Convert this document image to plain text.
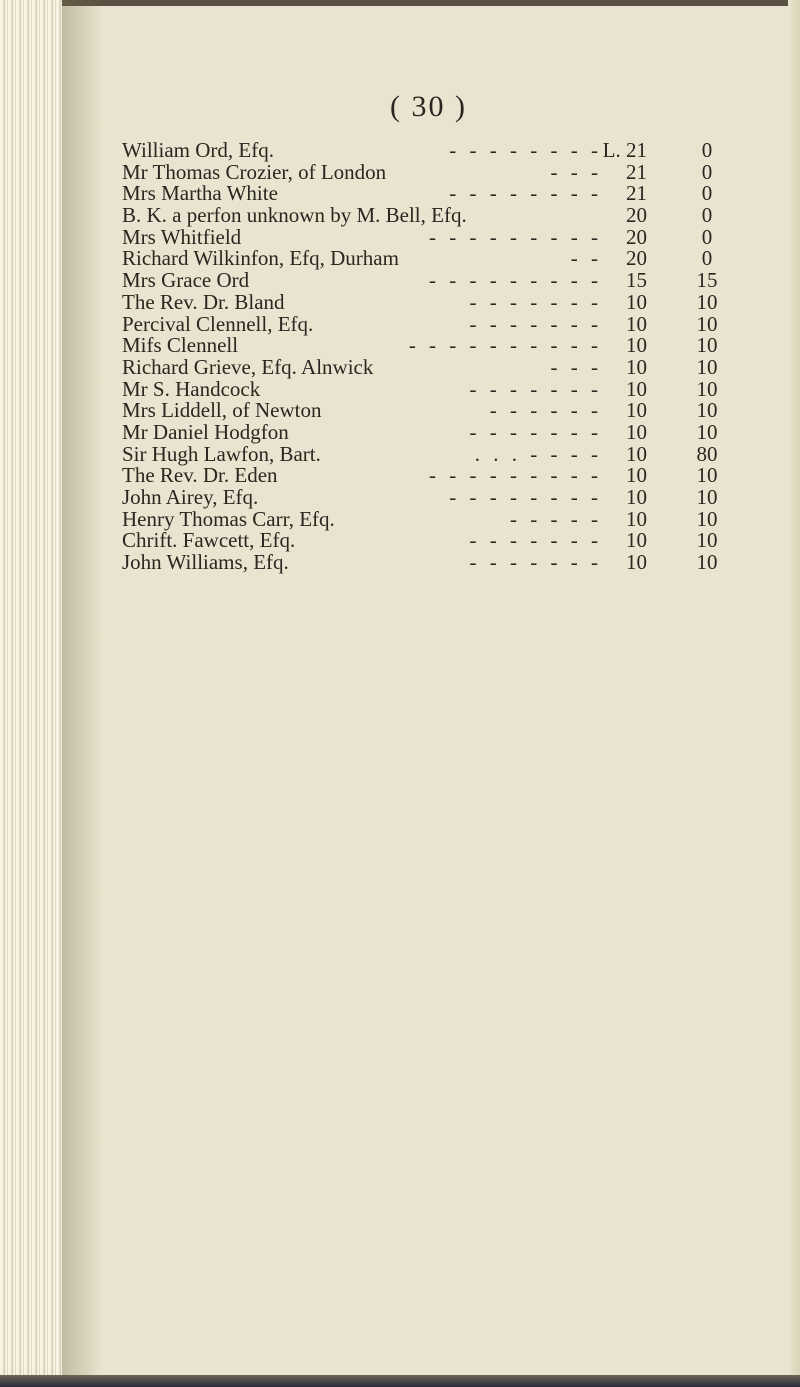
( 30 )
William Ord, Efq.	- - - - - - - - L. 21	0
Mr Thomas Crozier, of London	- - -	21	0
Mrs Martha White	- - - - - - - -	21	0
B. K. a perfon unknown by M. Bell, Efq.	20	0
Mrs Whitfield	- - - - - - - - -	20	0
Richard Wilkinfon, Efq, Durham	- -	20	0
Mrs Grace Ord	- - - - - - - - -	15	15
The Rev. Dr. Bland	- - - - - - -	10	10
Percival Clennell, Efq.	- - - - - - -	10	10
Mifs Clennell	- - - - - - - - - -	10	10
Richard Grieve, Efq. Alnwick	- - -	10	10
Mr S. Handcock	- - - - - - -	10	10
Mrs Liddell, of Newton	- - - - - -	10	10
Mr Daniel Hodgfon	- - - - - - -	10	10
Sir Hugh Lawfon, Bart.	. . . - - - -	10	80
The Rev. Dr. Eden	- - - - - - - - -	10	10
John Airey, Efq.	- - - - - - - -	10	10
Henry Thomas Carr, Efq.	- - - - -	10	10
Chrift. Fawcett, Efq.	- - - - - - -	10	10
John Williams, Efq.	- - - - - - -	10	10
